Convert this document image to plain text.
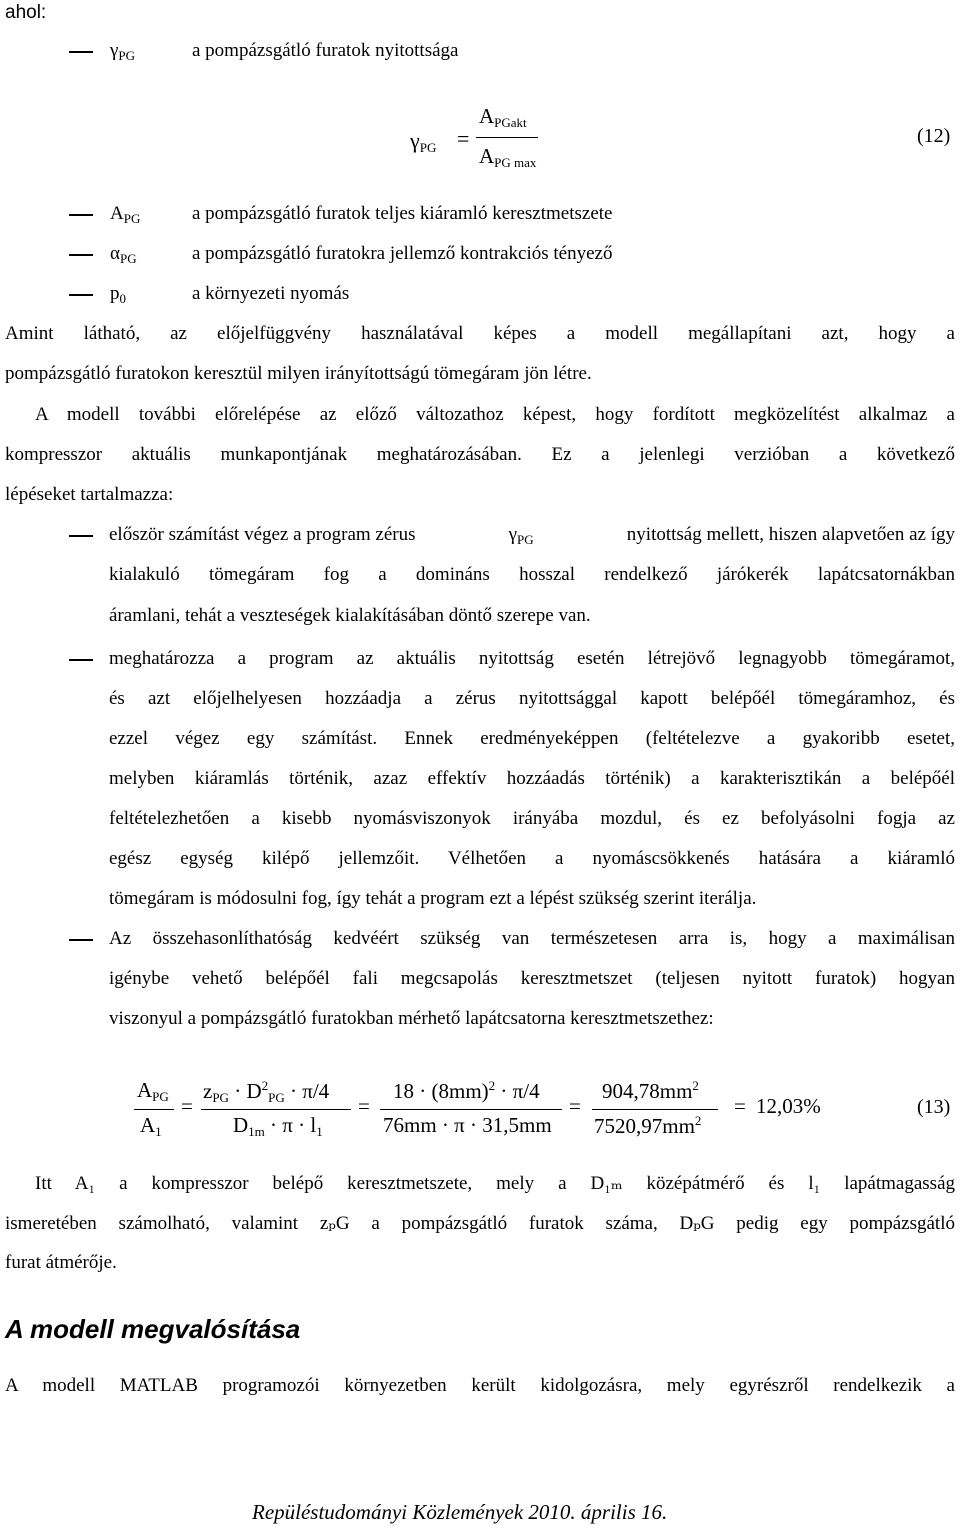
ahol:
$\gamma_{PG}$	a pompázsgátló furatok nyitottsága
$\gamma_{PG}$ =
$A_{PGakt}$
$A_{PG max}$
(12)
$A_{PG}$	a pompázsgátló furatok teljes kiáramló keresztmetszete
$\alpha_{PG}$	a pompázsgátló furatokra jellemző kontrakciós tényező
$p_0$	a környezeti nyomás
Amint látható, az előjelfüggvény használatával képes a modell megállapítani azt, hogy a
pompázsgátló furatokon keresztül milyen irányítottságú tömegáram jön létre.
A modell további előrelépése az előző változathoz képest, hogy fordított megközelítést alkalmaz a
kompresszor aktuális munkapontjának meghatározásában. Ez a jelenlegi verzióban a következő
lépéseket tartalmazza:
először számítást végez a program zérus	$\gamma_{PG}$	nyitottság mellett, hiszen alapvetően az így
kialakuló tömegáram fog a domináns hosszal rendelkező járókerék lapátcsatornákban
áramlani, tehát a veszteségek kialakításában döntő szerepe van.
meghatározza a program az aktuális nyitottság esetén létrejövő legnagyobb tömegáramot,
és azt előjelhelyesen hozzáadja a zérus nyitottsággal kapott belépőél tömegáramhoz, és
ezzel végez egy számítást. Ennek eredményeképpen (feltételezve a gyakoribb esetet,
melyben kiáramlás történik, azaz effektív hozzáadás történik) a karakterisztikán a belépőél
feltételezhetően a kisebb nyomásviszonyok irányába mozdul, és ez befolyásolni fogja az
egész egység kilépő jellemzőit. Vélhetően a nyomáscsökkenés hatására a kiáramló
tömegáram is módosulni fog, így tehát a program ezt a lépést szükség szerint iterálja.
Az összehasonlíthatóság kedvéért szükség van természetesen arra is, hogy a maximálisan
igénybe vehető belépőél fali megcsapolás keresztmetszet (teljesen nyitott furatok) hogyan
viszonyul a pompázsgátló furatokban mérhető lapátcsatorna keresztmetszethez:
$A_{PG}$
$A_1$
=
$z_{PG} \cdot D^2_{PG} \cdot \pi/4$
$D_{1m} \cdot \pi \cdot l_1$
=
$18 \cdot (8mm)^2 \cdot \pi/4$
76mm · π · 31,5mm
=
$904,78mm^2$
$7520,97mm^2$
= 12,03%	(13)
Itt A₁ a kompresszor belépő keresztmetszete, mely a D₁ₘ középátmérő és l₁ lapátmagasság
ismeretében számolható, valamint zₚG a pompázsgátló furatok száma, DₚG pedig egy pompázsgátló
furat átmérője.
A modell megvalósítása
A modell MATLAB programozói környezetben került kidolgozásra, mely egyrészről rendelkezik a
Repüléstudományi Közlemények 2010. április 16.
